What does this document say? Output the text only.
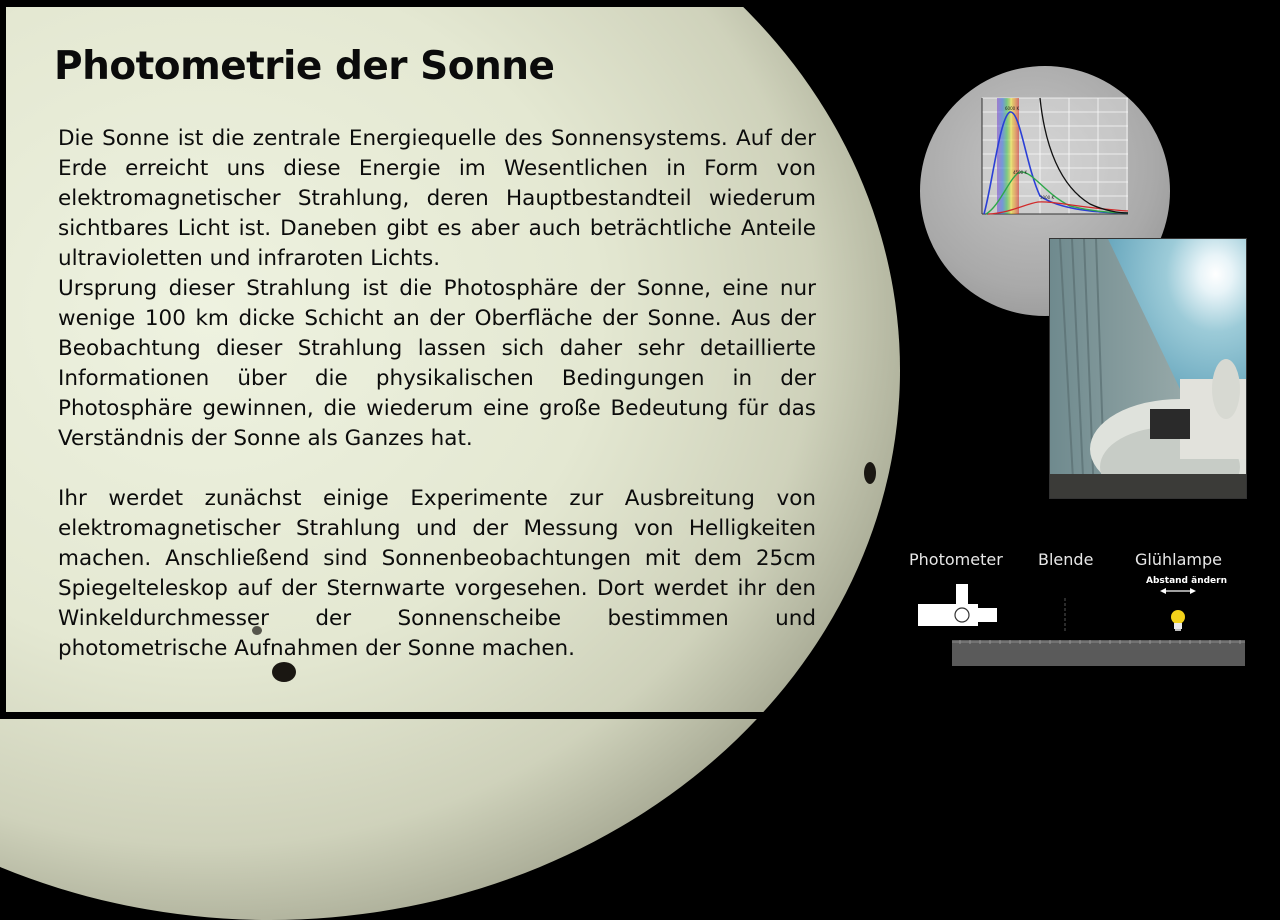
Photometrie der Sonne

Die Sonne ist die zentrale Energiequelle des Sonnensystems. Auf der Erde erreicht uns diese Energie im Wesentlichen in Form von elektromagnetischer Strahlung, deren Hauptbestandteil wiederum sichtbares Licht ist. Daneben gibt es aber auch beträchtliche Anteile ultravioletten und infraroten Lichts.

Ursprung dieser Strahlung ist die Photosphäre der Sonne, eine nur wenige 100 km dicke Schicht an der Oberfläche der Sonne. Aus der Beobachtung dieser Strahlung lassen sich daher sehr detaillierte Informationen über die physikalischen Bedingungen in der Photosphäre gewinnen, die wiederum eine große Bedeutung für das Verständnis der Sonne als Ganzes hat.

Ihr werdet zunächst einige Experimente zur Ausbreitung von elektromagnetischer Strahlung und der Messung von Helligkeiten machen. Anschließend sind Sonnenbeobachtungen mit dem 25cm Spiegelteleskop auf der Sternwarte vorgesehen. Dort werdet ihr den Winkeldurchmesser der Sonnenscheibe bestimmen und photometrische Aufnahmen der Sonne machen.

6000 K
4500 K
3000 K
Photometer Blende	Glühlampe
Abstand ändern
